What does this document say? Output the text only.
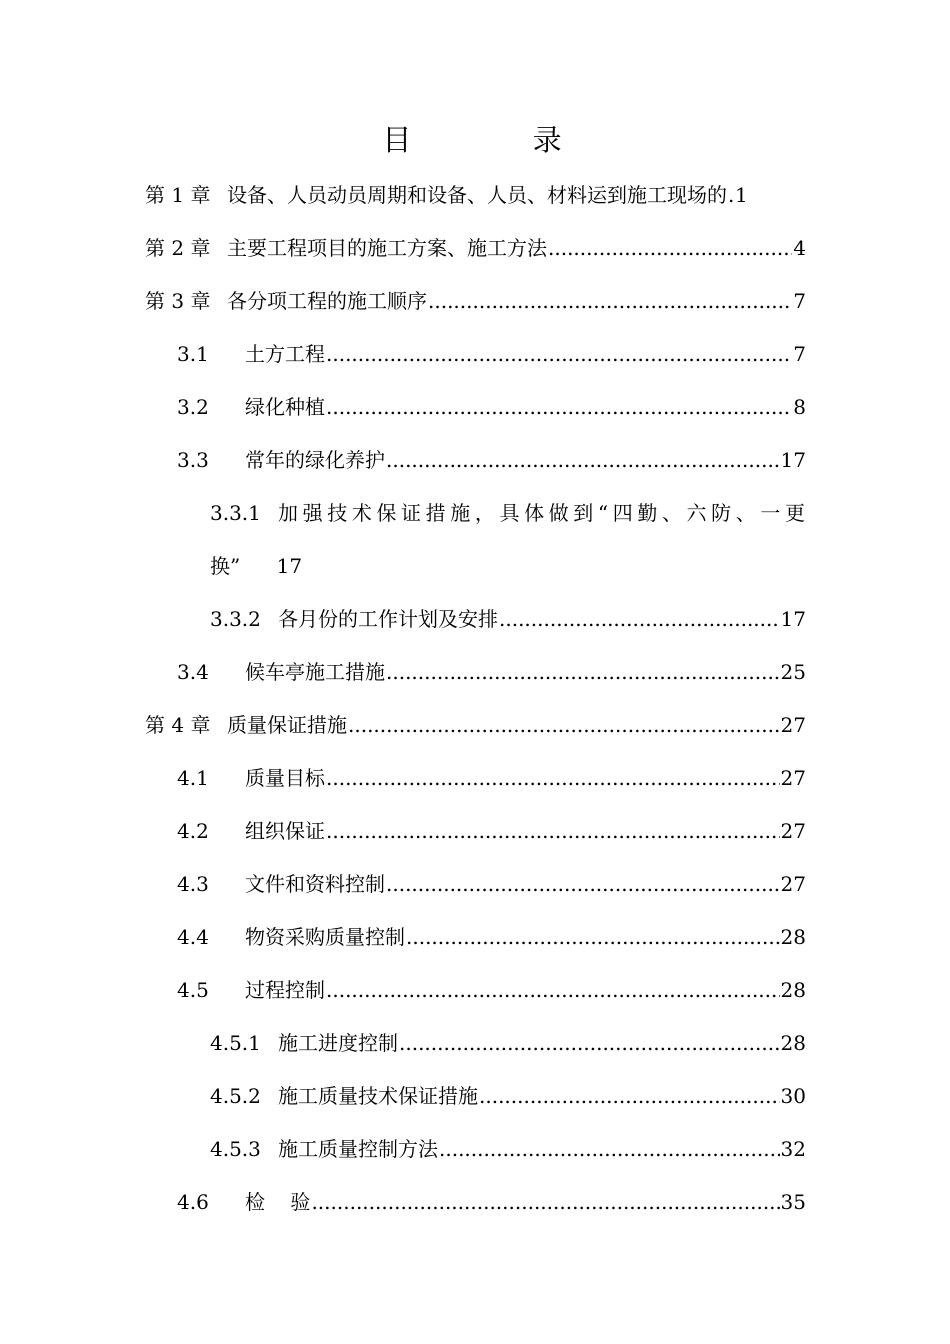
目 录
第 1 章 设备、人员动员周期和设备、人员、材料运到施工现场的 ..... 1
第 2 章 主要工程项目的施工方案、施工方法 .....	4
第 3 章 各分项工程的施工顺序 .....	7
3.1	土方工程 .....	7
3.2	绿化种植 .....	8
3.3	常年的绿化养护 .....	17
3.3.1 加强技术保证措施，具体做到“四勤、六防、一更
换” 17
3.3.2 各月份的工作计划及安排 .....	17
3.4	候车亭施工措施 .....	25
第 4 章 质量保证措施 .....	27
4.1	质量目标 .....	27
4.2	组织保证 .....	27
4.3	文件和资料控制 .....	27
4.4	物资采购质量控制 .....	28
4.5	过程控制 .....	28
4.5.1 施工进度控制 .....	28
4.5.2 施工质量技术保证措施 .....	30
4.5.3 施工质量控制方法 .....	32
4.6	检    验 .....	35
